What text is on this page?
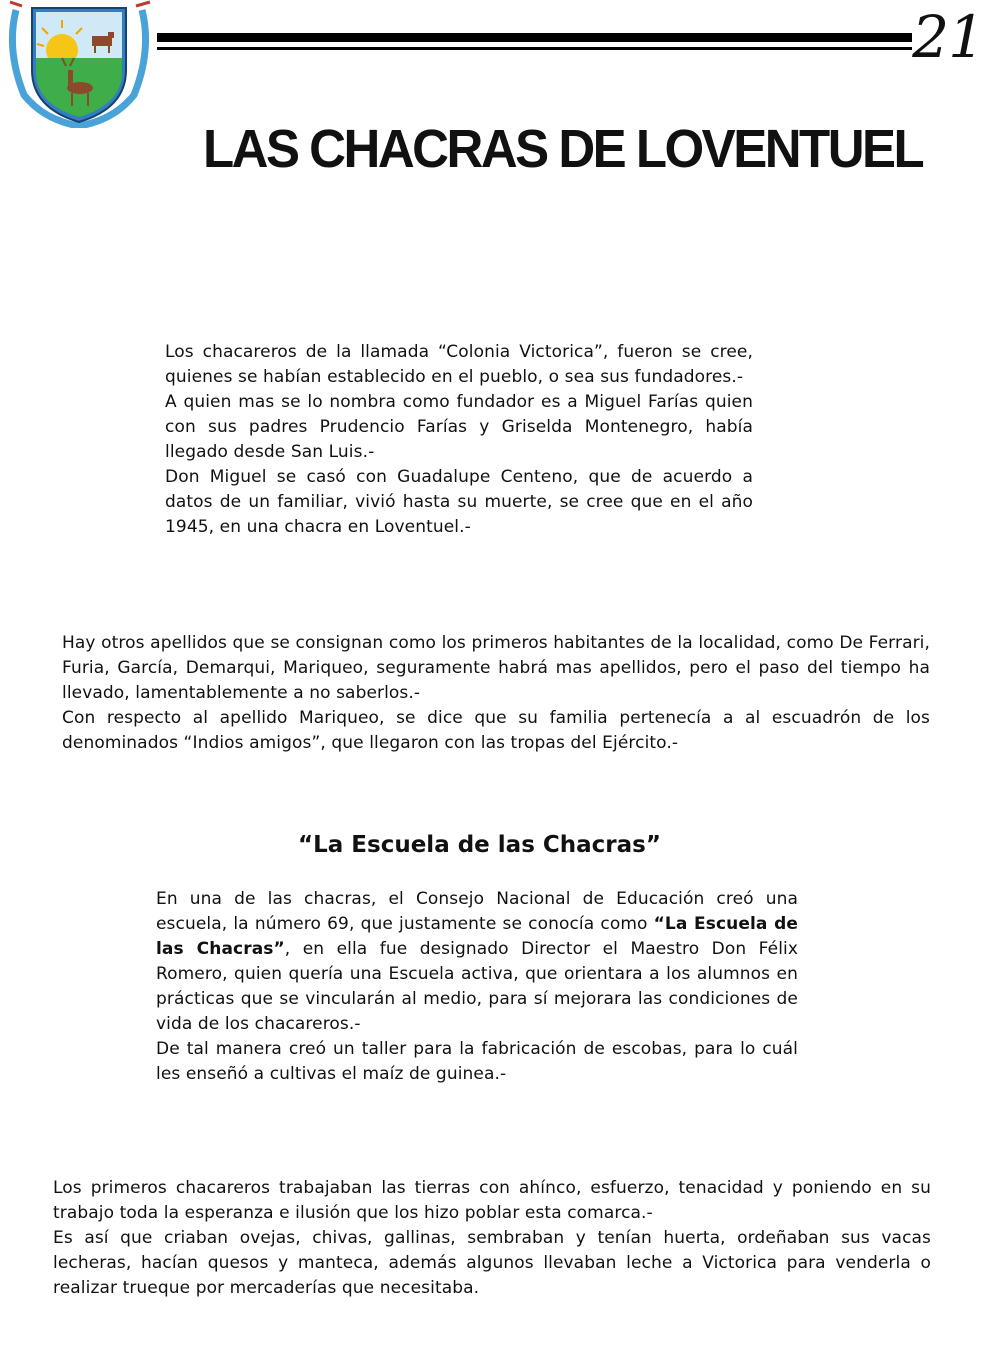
21
LAS CHACRAS DE LOVENTUEL

Los chacareros de la llamada “Colonia Victorica”, fueron se cree, quienes se habían establecido en el pueblo, o sea sus fundadores.-

A quien mas se lo nombra como fundador es a Miguel Farías quien con sus padres Prudencio Farías y Griselda Montenegro, había llegado desde San Luis.-

Don Miguel se casó con Guadalupe Centeno, que de acuerdo a datos de un familiar, vivió hasta su muerte, se cree que en el año 1945, en una chacra en Loventuel.-

Hay otros apellidos que se consignan como los primeros habitantes de la localidad, como De Ferrari, Furia, García, Demarqui, Mariqueo, seguramente habrá mas apellidos, pero el paso del tiempo ha llevado, lamentablemente a no saberlos.-

Con respecto al apellido Mariqueo, se dice que su familia pertenecía a al escuadrón de los denominados “Indios amigos”, que llegaron con las tropas del Ejército.-

“La Escuela de las Chacras”

En una de las chacras, el Consejo Nacional de Educación creó una escuela, la número 69, que justamente se conocía como “La Escuela de las Chacras”, en ella fue designado Director el Maestro Don Félix Romero, quien quería una Escuela activa, que orientara a los alumnos en prácticas que se vincularán al medio, para sí mejorara las condiciones de vida de los chacareros.-

De tal manera creó un taller para la fabricación de escobas, para lo cuál les enseñó a cultivas el maíz de guinea.-

Los primeros chacareros trabajaban las tierras con ahínco, esfuerzo, tenacidad y poniendo en su trabajo toda la esperanza e ilusión que los hizo poblar esta comarca.-

Es así que criaban ovejas, chivas, gallinas, sembraban y tenían huerta, ordeñaban sus vacas lecheras, hacían quesos y manteca, además algunos llevaban leche a Victorica para venderla o realizar trueque por mercaderías que necesitaba.
